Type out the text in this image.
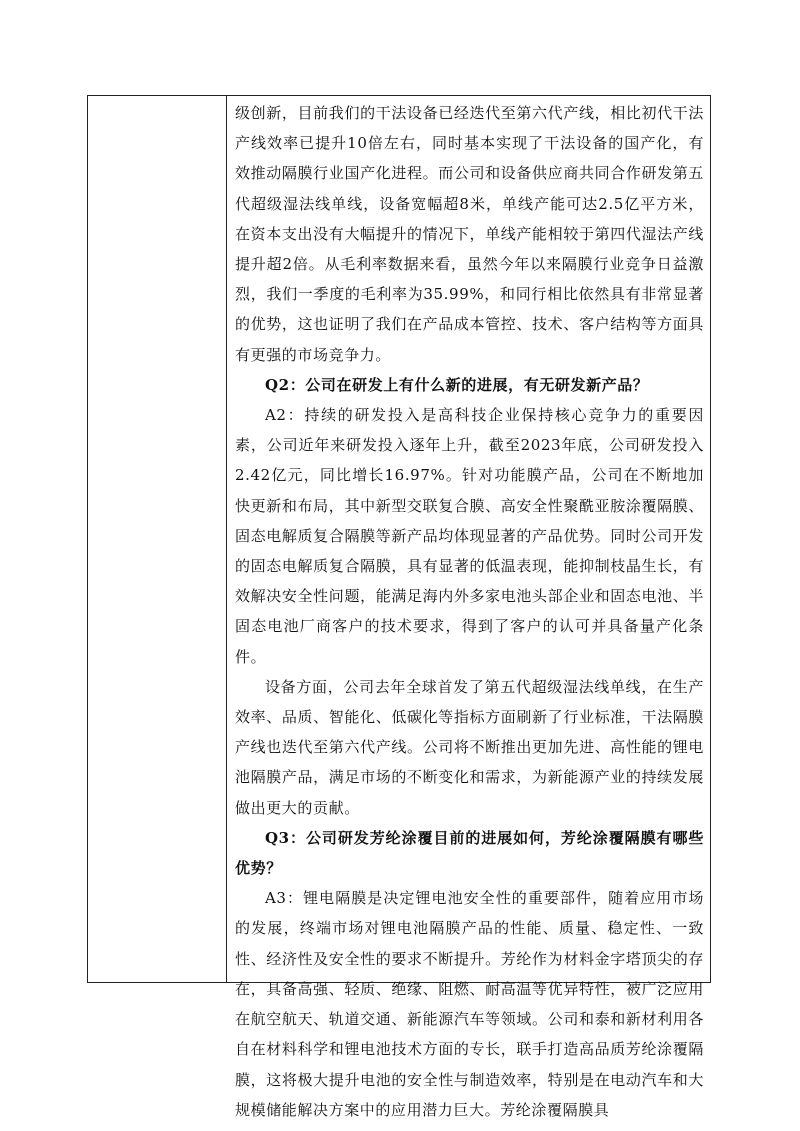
级创新，目前我们的干法设备已经迭代至第六代产线，相比初代干法产线效率已提升10倍左右，同时基本实现了干法设备的国产化，有效推动隔膜行业国产化进程。而公司和设备供应商共同合作研发第五代超级湿法线单线，设备宽幅超8米，单线产能可达2.5亿平方米，在资本支出没有大幅提升的情况下，单线产能相较于第四代湿法产线提升超2倍。从毛利率数据来看，虽然今年以来隔膜行业竞争日益激烈，我们一季度的毛利率为35.99%，和同行相比依然具有非常显著的优势，这也证明了我们在产品成本管控、技术、客户结构等方面具有更强的市场竞争力。

Q2：公司在研发上有什么新的进展，有无研发新产品？

A2：持续的研发投入是高科技企业保持核心竞争力的重要因素，公司近年来研发投入逐年上升，截至2023年底，公司研发投入2.42亿元，同比增长16.97%。针对功能膜产品，公司在不断地加快更新和布局，其中新型交联复合膜、高安全性聚酰亚胺涂覆隔膜、固态电解质复合隔膜等新产品均体现显著的产品优势。同时公司开发的固态电解质复合隔膜，具有显著的低温表现，能抑制枝晶生长，有效解决安全性问题，能满足海内外多家电池头部企业和固态电池、半固态电池厂商客户的技术要求，得到了客户的认可并具备量产化条件。

设备方面，公司去年全球首发了第五代超级湿法线单线，在生产效率、品质、智能化、低碳化等指标方面刷新了行业标准，干法隔膜产线也迭代至第六代产线。公司将不断推出更加先进、高性能的锂电池隔膜产品，满足市场的不断变化和需求，为新能源产业的持续发展做出更大的贡献。

Q3：公司研发芳纶涂覆目前的进展如何，芳纶涂覆隔膜有哪些优势？

A3：锂电隔膜是决定锂电池安全性的重要部件，随着应用市场的发展，终端市场对锂电池隔膜产品的性能、质量、稳定性、一致性、经济性及安全性的要求不断提升。芳纶作为材料金字塔顶尖的存在，具备高强、轻质、绝缘、阻燃、耐高温等优异特性，被广泛应用在航空航天、轨道交通、新能源汽车等领域。公司和泰和新材利用各自在材料科学和锂电池技术方面的专长，联手打造高品质芳纶涂覆隔膜，这将极大提升电池的安全性与制造效率，特别是在电动汽车和大规模储能解决方案中的应用潜力巨大。芳纶涂覆隔膜具
